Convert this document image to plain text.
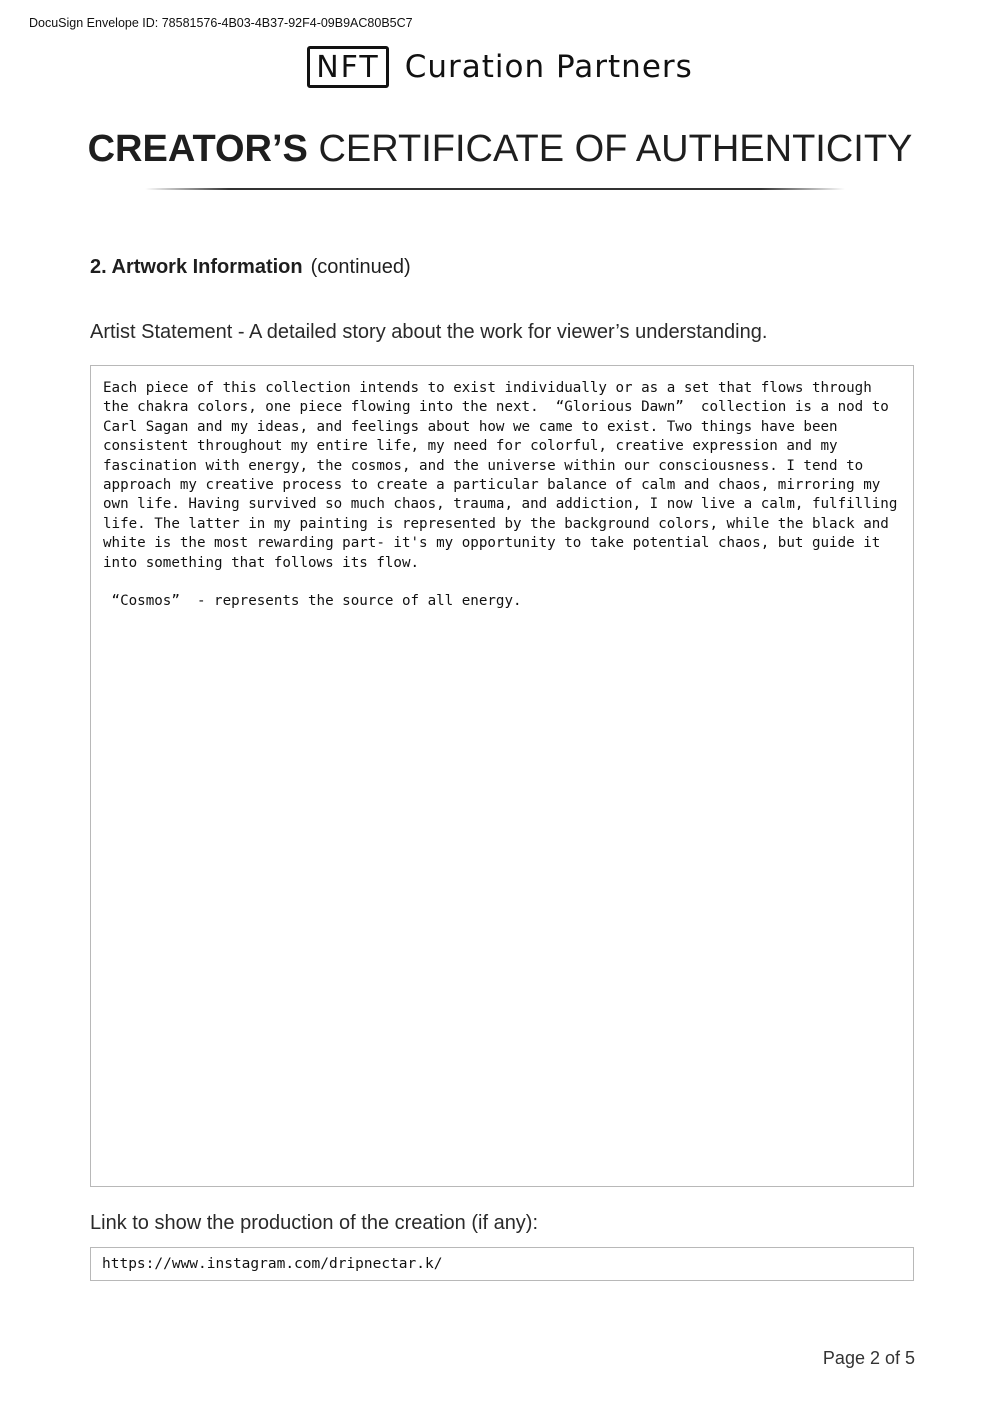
DocuSign Envelope ID: 78581576-4B03-4B37-92F4-09B9AC80B5C7
NFT Curation Partners
CREATOR’S CERTIFICATE OF AUTHENTICITY
2. Artwork Information (continued)
Artist Statement - A detailed story about the work for viewer’s understanding.
Each piece of this collection intends to exist individually or as a set that flows through the chakra colors, one piece flowing into the next.  “Glorious Dawn”  collection is a nod to Carl Sagan and my ideas, and feelings about how we came to exist. Two things have been consistent throughout my entire life, my need for colorful, creative expression and my fascination with energy, the cosmos, and the universe within our consciousness. I tend to approach my creative process to create a particular balance of calm and chaos, mirroring my own life. Having survived so much chaos, trauma, and addiction, I now live a calm, fulfilling life. The latter in my painting is represented by the background colors, while the black and white is the most rewarding part- it's my opportunity to take potential chaos, but guide it into something that follows its flow.

“Cosmos”  - represents the source of all energy.
Link to show the production of the creation (if any):
https://www.instagram.com/dripnectar.k/
Page 2 of 5
